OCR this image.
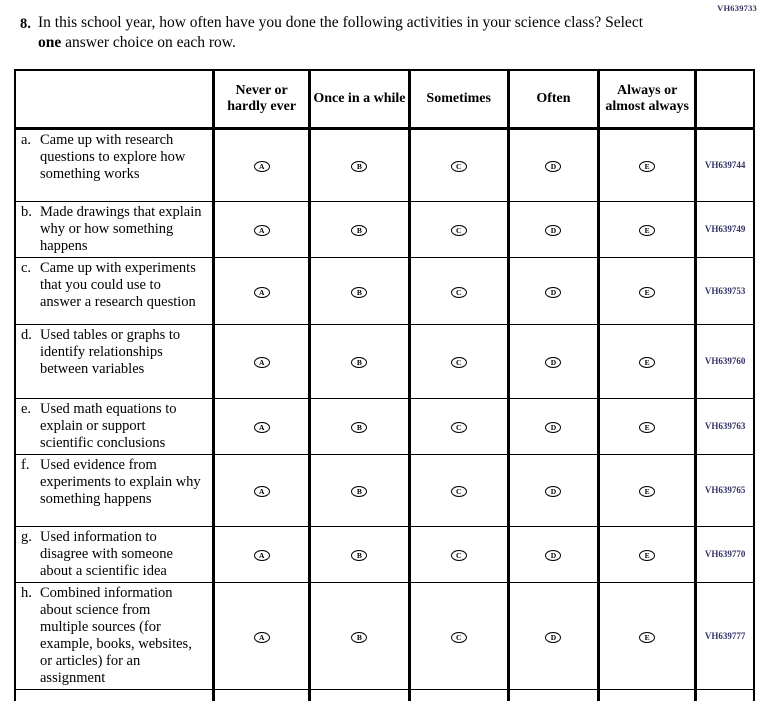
VH639733
8. In this school year, how often have you done the following activities in your science class? Select one answer choice on each row.
	Never or hardly ever	Once in a while	Sometimes	Often	Always or almost always	

a. Came up with research questions to explore how something works	A	B	C	D	E	VH639744

b. Made drawings that explain why or how something happens	A	B	C	D	E	VH639749

c. Came up with experiments that you could use to answer a research question	A	B	C	D	E	VH639753

d. Used tables or graphs to identify relationships between variables	A	B	C	D	E	VH639760

e. Used math equations to explain or support scientific conclusions	A	B	C	D	E	VH639763

f. Used evidence from experiments to explain why something happens	A	B	C	D	E	VH639765

g. Used information to disagree with someone about a scientific idea	A	B	C	D	E	VH639770

h. Combined information about science from multiple sources (for example, books, websites, or articles) for an assignment	A	B	C	D	E	VH639777
